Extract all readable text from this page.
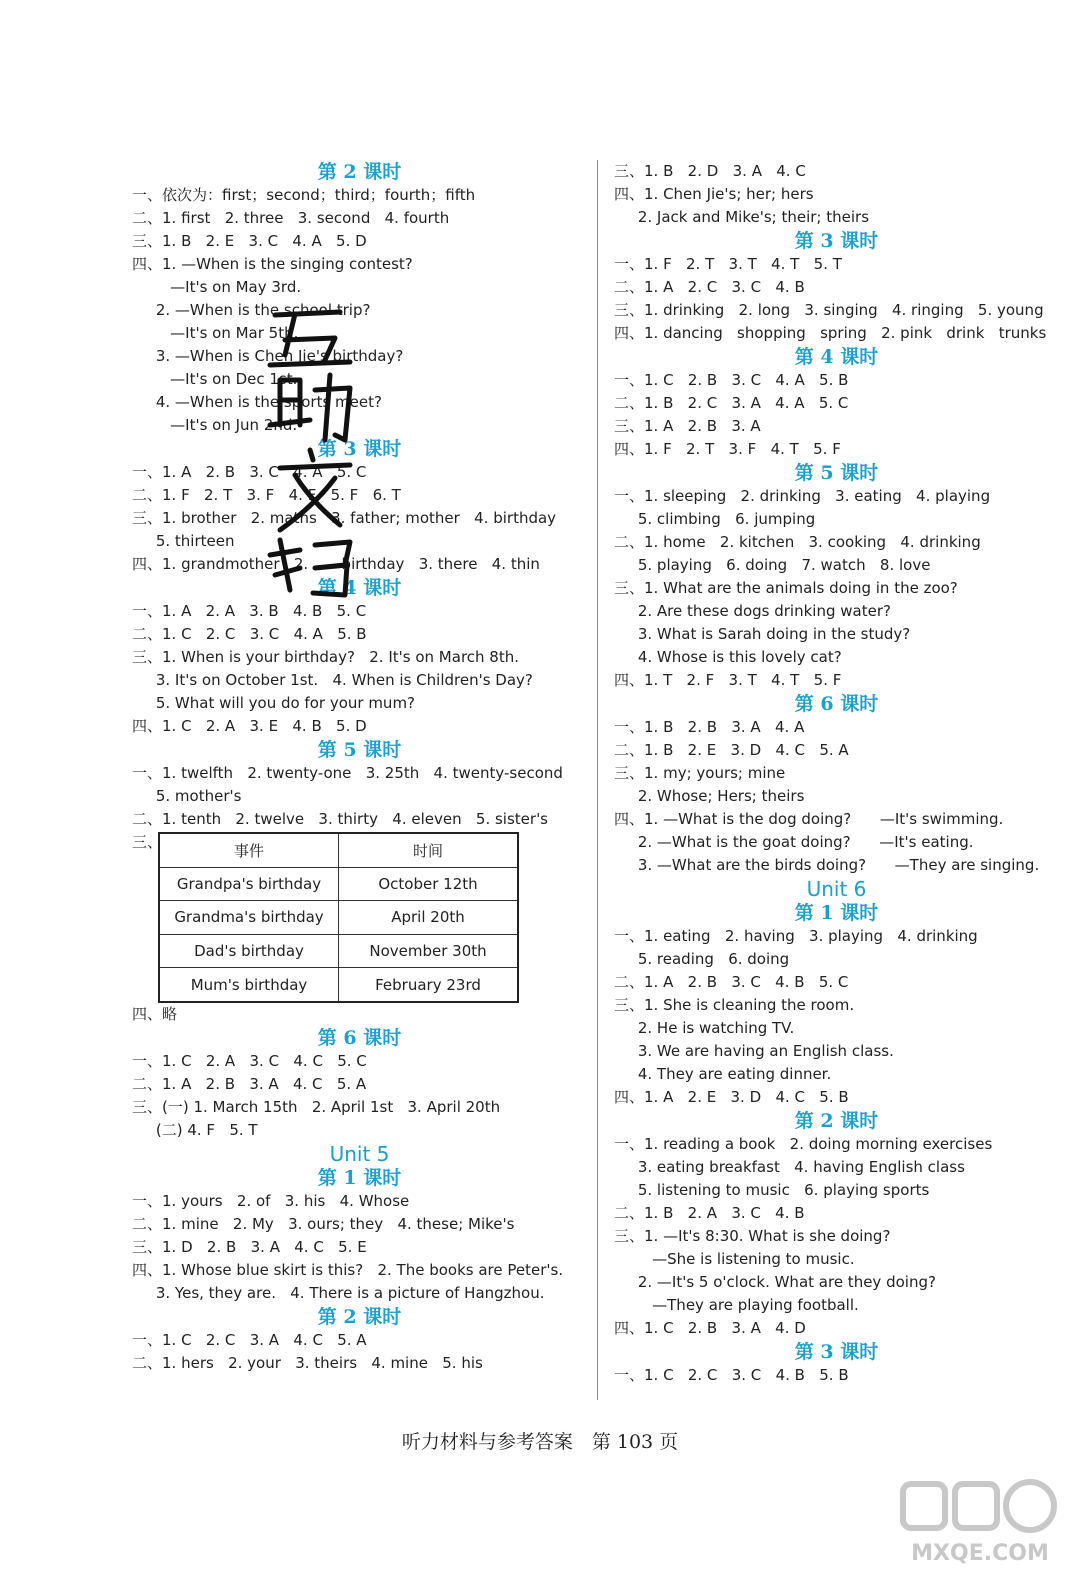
第 2 课时
一、依次为：first；second；third；fourth；fifth
二、1. first   2. three   3. second   4. fourth
三、1. B   2. E   3. C   4. A   5. D
四、1. —When is the singing contest?
—It's on May 3rd.
2. —When is the school trip?
—It's on Mar 5th.
3. —When is Chen Jie's birthday?
—It's on Dec 1st.
4. —When is the sports meet?
—It's on Jun 2nd.
第 3 课时
一、1. A   2. B   3. C   4. A   5. C
二、1. F   2. T   3. F   4. F   5. F   6. T
三、1. brother   2. maths   3. father; mother   4. birthday
5. thirteen
四、1. grandmother   2. ...   birthday   3. there   4. thin
第 4 课时
一、1. A   2. A   3. B   4. B   5. C
二、1. C   2. C   3. C   4. A   5. B
三、1. When is your birthday?   2. It's on March 8th.
3. It's on October 1st.   4. When is Children's Day?
5. What will you do for your mum?
四、1. C   2. A   3. E   4. B   5. D
第 5 课时
一、1. twelfth   2. twenty-one   3. 25th   4. twenty-second
5. mother's
二、1. tenth   2. twelve   3. thirty   4. eleven   5. sister's
三、	事件	时间
Grandpa's birthday	October 12th
Grandma's birthday	April 20th
Dad's birthday	November 30th
Mum's birthday	February 23rd
四、略
第 6 课时
一、1. C   2. A   3. C   4. C   5. C
二、1. A   2. B   3. A   4. C   5. A
三、(一) 1. March 15th   2. April 1st   3. April 20th
(二) 4. F   5. T
Unit 5
第 1 课时
一、1. yours   2. of   3. his   4. Whose
二、1. mine   2. My   3. ours; they   4. these; Mike's
三、1. D   2. B   3. A   4. C   5. E
四、1. Whose blue skirt is this?   2. The books are Peter's.
3. Yes, they are.   4. There is a picture of Hangzhou.
第 2 课时
一、1. C   2. C   3. A   4. C   5. A
二、1. hers   2. your   3. theirs   4. mine   5. his
三、1. B   2. D   3. A   4. C
四、1. Chen Jie's; her; hers
2. Jack and Mike's; their; theirs
第 3 课时
一、1. F   2. T   3. T   4. T   5. T
二、1. A   2. C   3. C   4. B
三、1. drinking   2. long   3. singing   4. ringing   5. young
四、1. dancing   shopping   spring   2. pink   drink   trunks
第 4 课时
一、1. C   2. B   3. C   4. A   5. B
二、1. B   2. C   3. A   4. A   5. C
三、1. A   2. B   3. A
四、1. F   2. T   3. F   4. T   5. F
第 5 课时
一、1. sleeping   2. drinking   3. eating   4. playing
5. climbing   6. jumping
二、1. home   2. kitchen   3. cooking   4. drinking
5. playing   6. doing   7. watch   8. love
三、1. What are the animals doing in the zoo?
2. Are these dogs drinking water?
3. What is Sarah doing in the study?
4. Whose is this lovely cat?
四、1. T   2. F   3. T   4. T   5. F
第 6 课时
一、1. B   2. B   3. A   4. A
二、1. B   2. E   3. D   4. C   5. A
三、1. my; yours; mine
2. Whose; Hers; theirs
四、1. —What is the dog doing?      —It's swimming.
2. —What is the goat doing?      —It's eating.
3. —What are the birds doing?      —They are singing.
Unit 6
第 1 课时
一、1. eating   2. having   3. playing   4. drinking
5. reading   6. doing
二、1. A   2. B   3. C   4. B   5. C
三、1. She is cleaning the room.
2. He is watching TV.
3. We are having an English class.
4. They are eating dinner.
四、1. A   2. E   3. D   4. C   5. B
第 2 课时
一、1. reading a book   2. doing morning exercises
3. eating breakfast   4. having English class
5. listening to music   6. playing sports
二、1. B   2. A   3. C   4. B
三、1. —It's 8:30. What is she doing?
—She is listening to music.
2. —It's 5 o'clock. What are they doing?
—They are playing football.
四、1. C   2. B   3. A   4. D
第 3 课时
一、1. C   2. C   3. C   4. B   5. B
听力材料与参考答案　第 103 页
MXQE.COM
